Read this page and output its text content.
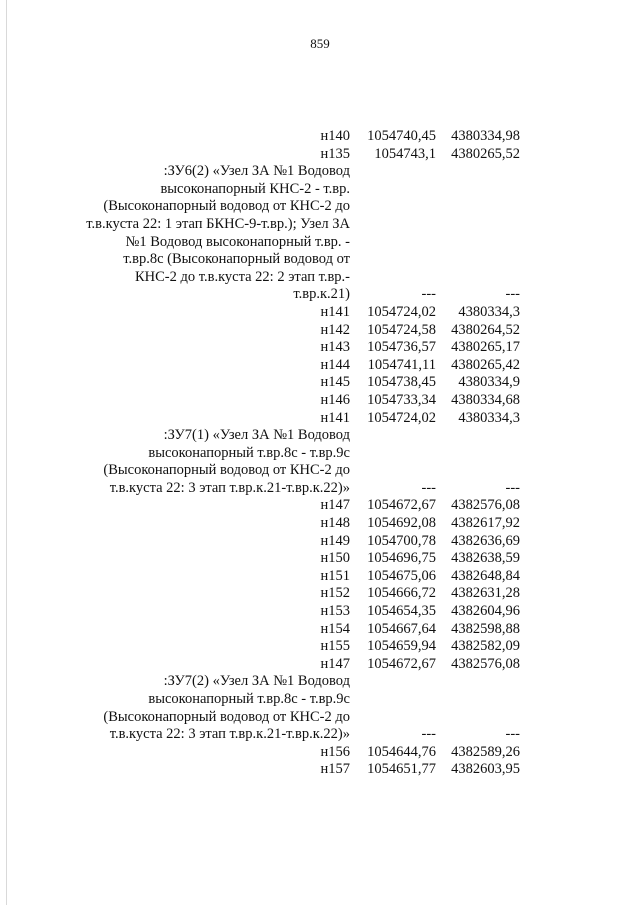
859
н140	1054740,45	4380334,98
н135	1054743,1	4380265,52
:ЗУ6(2) «Узел ЗА №1 Водовод
высоконапорный КНС-2 - т.вр.
(Высоконапорный водовод от КНС-2 до
т.в.куста 22: 1 этап БКНС-9-т.вр.); Узел ЗА
№1 Водовод высоконапорный т.вр. -
т.вр.8с (Высоконапорный водовод от
КНС-2 до т.в.куста 22: 2 этап т.вр.-
т.вр.к.21)	---	---
н141	1054724,02	4380334,3
н142	1054724,58	4380264,52
н143	1054736,57	4380265,17
н144	1054741,11	4380265,42
н145	1054738,45	4380334,9
н146	1054733,34	4380334,68
н141	1054724,02	4380334,3
:ЗУ7(1) «Узел ЗА №1 Водовод
высоконапорный т.вр.8с - т.вр.9с
(Высоконапорный водовод от КНС-2 до
т.в.куста 22: 3 этап т.вр.к.21-т.вр.к.22)»	---	---
н147	1054672,67	4382576,08
н148	1054692,08	4382617,92
н149	1054700,78	4382636,69
н150	1054696,75	4382638,59
н151	1054675,06	4382648,84
н152	1054666,72	4382631,28
н153	1054654,35	4382604,96
н154	1054667,64	4382598,88
н155	1054659,94	4382582,09
н147	1054672,67	4382576,08
:ЗУ7(2) «Узел ЗА №1 Водовод
высоконапорный т.вр.8с - т.вр.9с
(Высоконапорный водовод от КНС-2 до
т.в.куста 22: 3 этап т.вр.к.21-т.вр.к.22)»	---	---
н156	1054644,76	4382589,26
н157	1054651,77	4382603,95
